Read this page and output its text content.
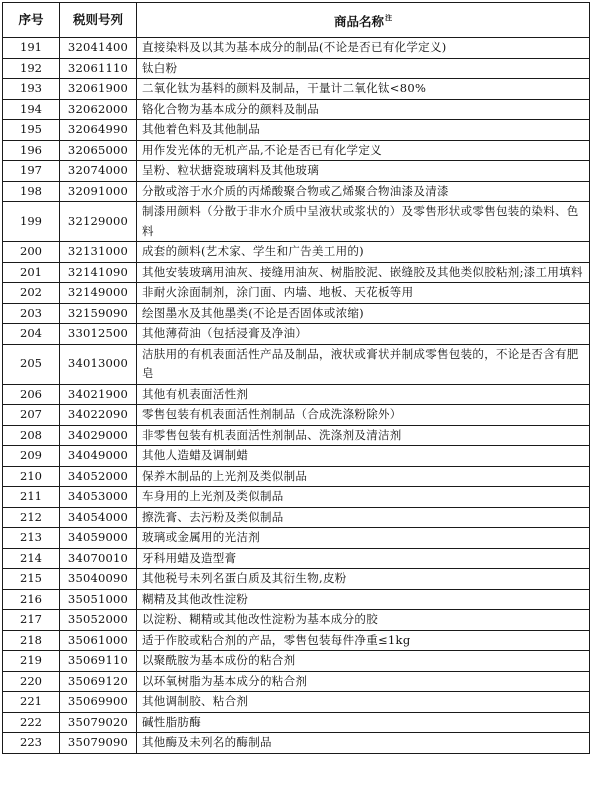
序号	税则号列	商品名称$^注$
191	32041400	直接染料及以其为基本成分的制品(不论是否已有化学定义)
192	32061110	钛白粉
193	32061900	二氧化钛为基料的颜料及制品，干量计二氧化钛<80%
194	32062000	铬化合物为基本成分的颜料及制品
195	32064990	其他着色料及其他制品
196	32065000	用作发光体的无机产品,不论是否已有化学定义
197	32074000	呈粉、粒状搪瓷玻璃料及其他玻璃
198	32091000	分散或溶于水介质的丙烯酸聚合物或乙烯聚合物油漆及清漆
199	32129000	制漆用颜料（分散于非水介质中呈液状或浆状的）及零售形状或零售包装的染料、色料
200	32131000	成套的颜料(艺术家、学生和广告美工用的)
201	32141090	其他安装玻璃用油灰、接缝用油灰、树脂胶泥、嵌缝胶及其他类似胶粘剂;漆工用填料
202	32149000	非耐火涂面制剂，涂门面、内墙、地板、天花板等用
203	32159090	绘图墨水及其他墨类(不论是否固体或浓缩)
204	33012500	其他薄荷油（包括浸膏及净油）
205	34013000	洁肤用的有机表面活性产品及制品，液状或膏状并制成零售包装的，不论是否含有肥皂
206	34021900	其他有机表面活性剂
207	34022090	零售包装有机表面活性剂制品（合成洗涤粉除外）
208	34029000	非零售包装有机表面活性剂制品、洗涤剂及清洁剂
209	34049000	其他人造蜡及调制蜡
210	34052000	保养木制品的上光剂及类似制品
211	34053000	车身用的上光剂及类似制品
212	34054000	擦洗膏、去污粉及类似制品
213	34059000	玻璃或金属用的光洁剂
214	34070010	牙科用蜡及造型膏
215	35040090	其他税号未列名蛋白质及其衍生物,皮粉
216	35051000	糊精及其他改性淀粉
217	35052000	以淀粉、糊精或其他改性淀粉为基本成分的胶
218	35061000	适于作胶或粘合剂的产品，零售包装每件净重≤1kg
219	35069110	以聚酰胺为基本成份的粘合剂
220	35069120	以环氧树脂为基本成分的粘合剂
221	35069900	其他调制胶、粘合剂
222	35079020	碱性脂肪酶
223	35079090	其他酶及未列名的酶制品
